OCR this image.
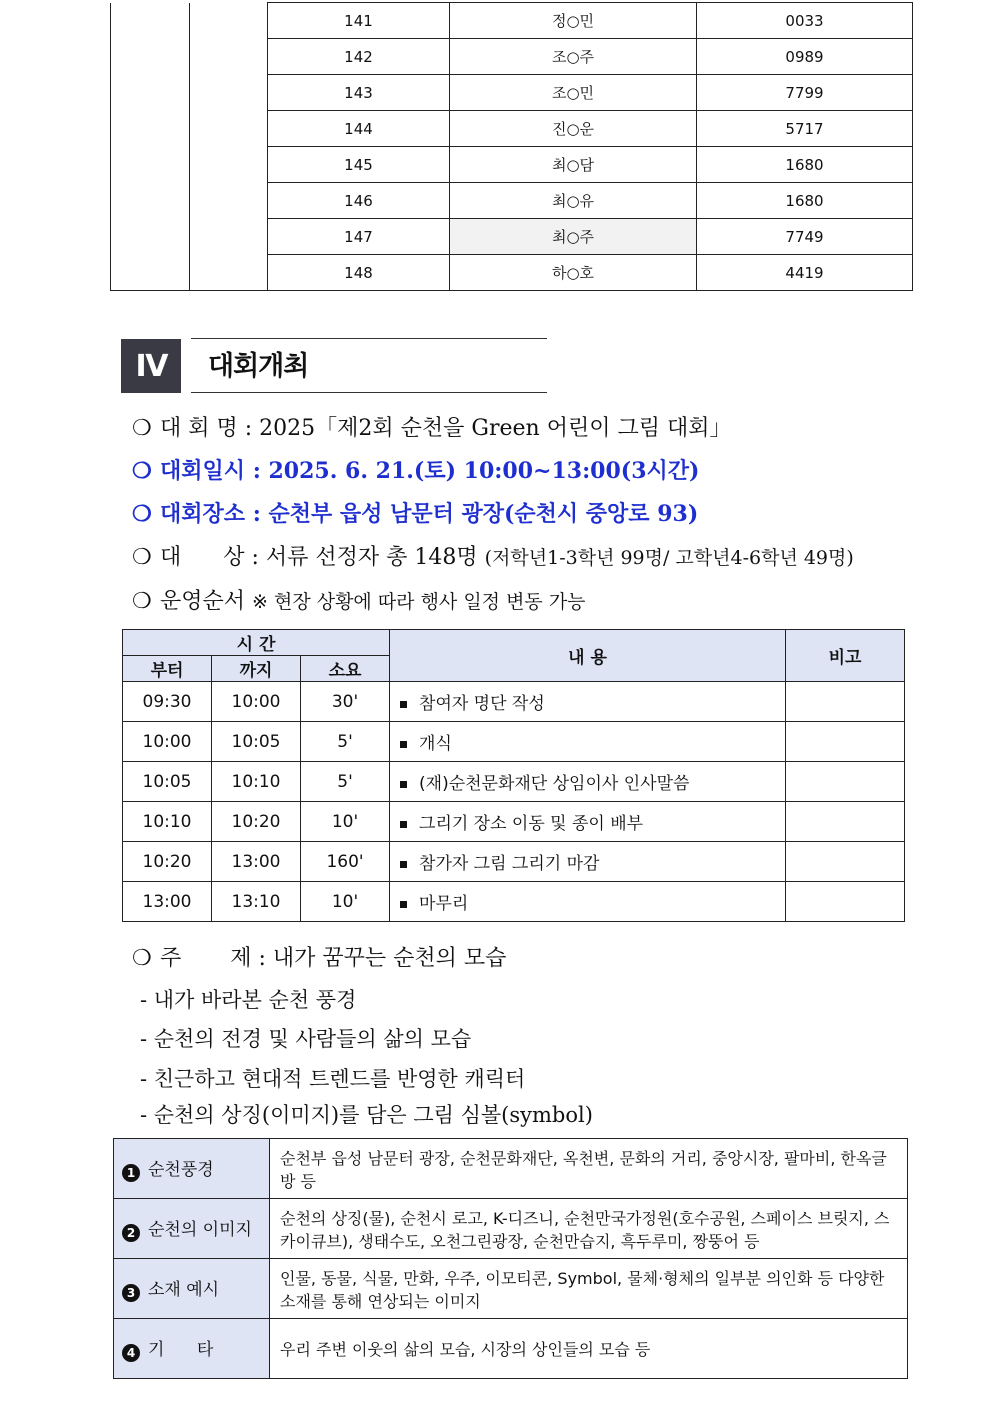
		141	정○민	0033
		142	조○주	0989
		143	조○민	7799
		144	진○운	5717
		145	최○담	1680
		146	최○유	1680
		147	최○주	7749
		148	하○호	4419
Ⅳ	대회개최
❍ 대 회 명 : 2025「제2회 순천을 Green 어린이 그림 대회」
❍ 대회일시 : 2025. 6. 21.(토) 10:00~13:00(3시간)
❍ 대회장소 : 순천부 읍성 남문터 광장(순천시 중앙로 93)
❍ 대      상 : 서류 선정자 총 148명 (저학년1-3학년 99명/ 고학년4-6학년 49명)
❍ 운영순서 ※ 현장 상황에 따라 행사 일정 변동 가능
시 간			내 용	비고
부터	까지	소요		
09:30	10:00	30'	참여자 명단 작성	
10:00	10:05	5'	개식	
10:05	10:10	5'	(재)순천문화재단 상임이사 인사말씀	
10:10	10:20	10'	그리기 장소 이동 및 종이 배부	
10:20	13:00	160'	참가자 그림 그리기 마감	
13:00	13:10	10'	마무리	
❍ 주       제 : 내가 꿈꾸는 순천의 모습
- 내가 바라본 순천 풍경
- 순천의 전경 및 사람들의 삶의 모습
- 친근하고 현대적 트렌드를 반영한 캐릭터
- 순천의 상징(이미지)를 담은 그림 심볼(symbol)
1 순천풍경	순천부 읍성 남문터 광장, 순천문화재단, 옥천변, 문화의 거리, 중앙시장, 팔마비, 한옥글방 등
2 순천의 이미지	순천의 상징(물), 순천시 로고, K-디즈니, 순천만국가정원(호수공원, 스페이스 브릿지, 스카이큐브), 생태수도, 오천그린광장, 순천만습지, 흑두루미, 짱뚱어 등
3 소재 예시	인물, 동물, 식물, 만화, 우주, 이모티콘, Symbol, 물체·형체의 일부분 의인화 등 다양한 소재를 통해 연상되는 이미지
4 기      타	우리 주변 이웃의 삶의 모습, 시장의 상인들의 모습 등
